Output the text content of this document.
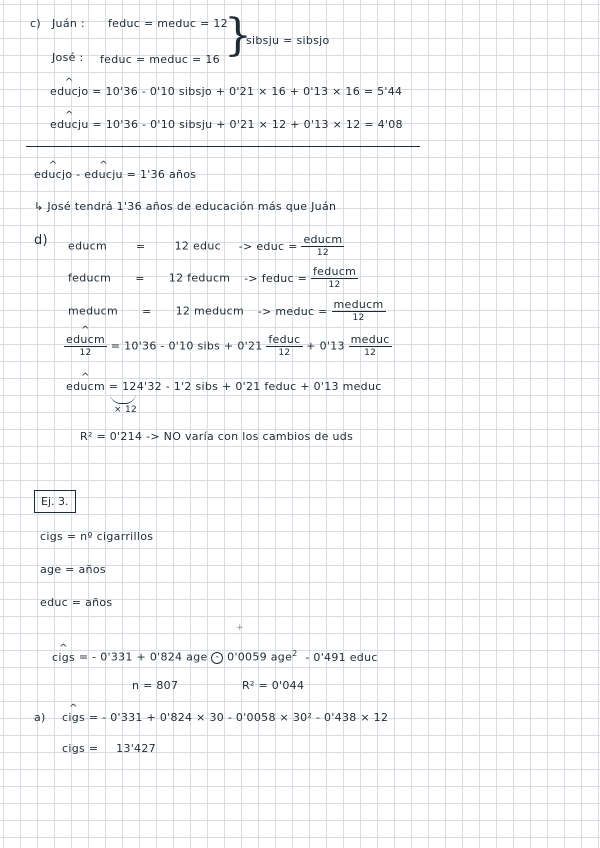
c) Juán : feduc = meduc = 12
José : feduc = meduc = 16 }
sibsju = sibsjo
^ educjo = 10'36 - 0'10 sibsjo + 0'21 × 16 + 0'13 × 16 = 5'44
^ educju = 10'36 - 0'10 sibsju + 0'21 × 12 + 0'13 × 12 = 4'08
^ educjo - ^ educju = 1'36 años
↳ José tendrá 1'36 años de educación más que Juán
d) educm	=	12 educ -> educ = $\frac{\text{educm}}{12}$
feducm = 12 feducm -> feduc = $\frac{\text{feducm}}{12}$
meducm = 12 meducm -> meduc = $\frac{\text{meducm}}{12}$
^ $\frac{\text{educm}}{12} = 10'36 - 0'10$ sibs + $0'21 \frac{\text{feduc}}{12} + 0'13 \frac{\text{meduc}}{12}$
^ educm = 124'32 - 1'2 sibs + 0'21 feduc + 0'13 meduc
× 12
R² = 0'214 -> NO varía con los cambios de uds
Ej. 3.
cigs = nº cigarrillos
age = años
educ = años
+
^ cigs = - 0'331 + 0'824 age - 0'0059 age$^2$ - 0'491 educ
n = 807	R² = 0'044
a)
^ cigs = - 0'331 + 0'824 × 30 - 0'0058 × 30² - 0'438 × 12
cigs = 13'427
